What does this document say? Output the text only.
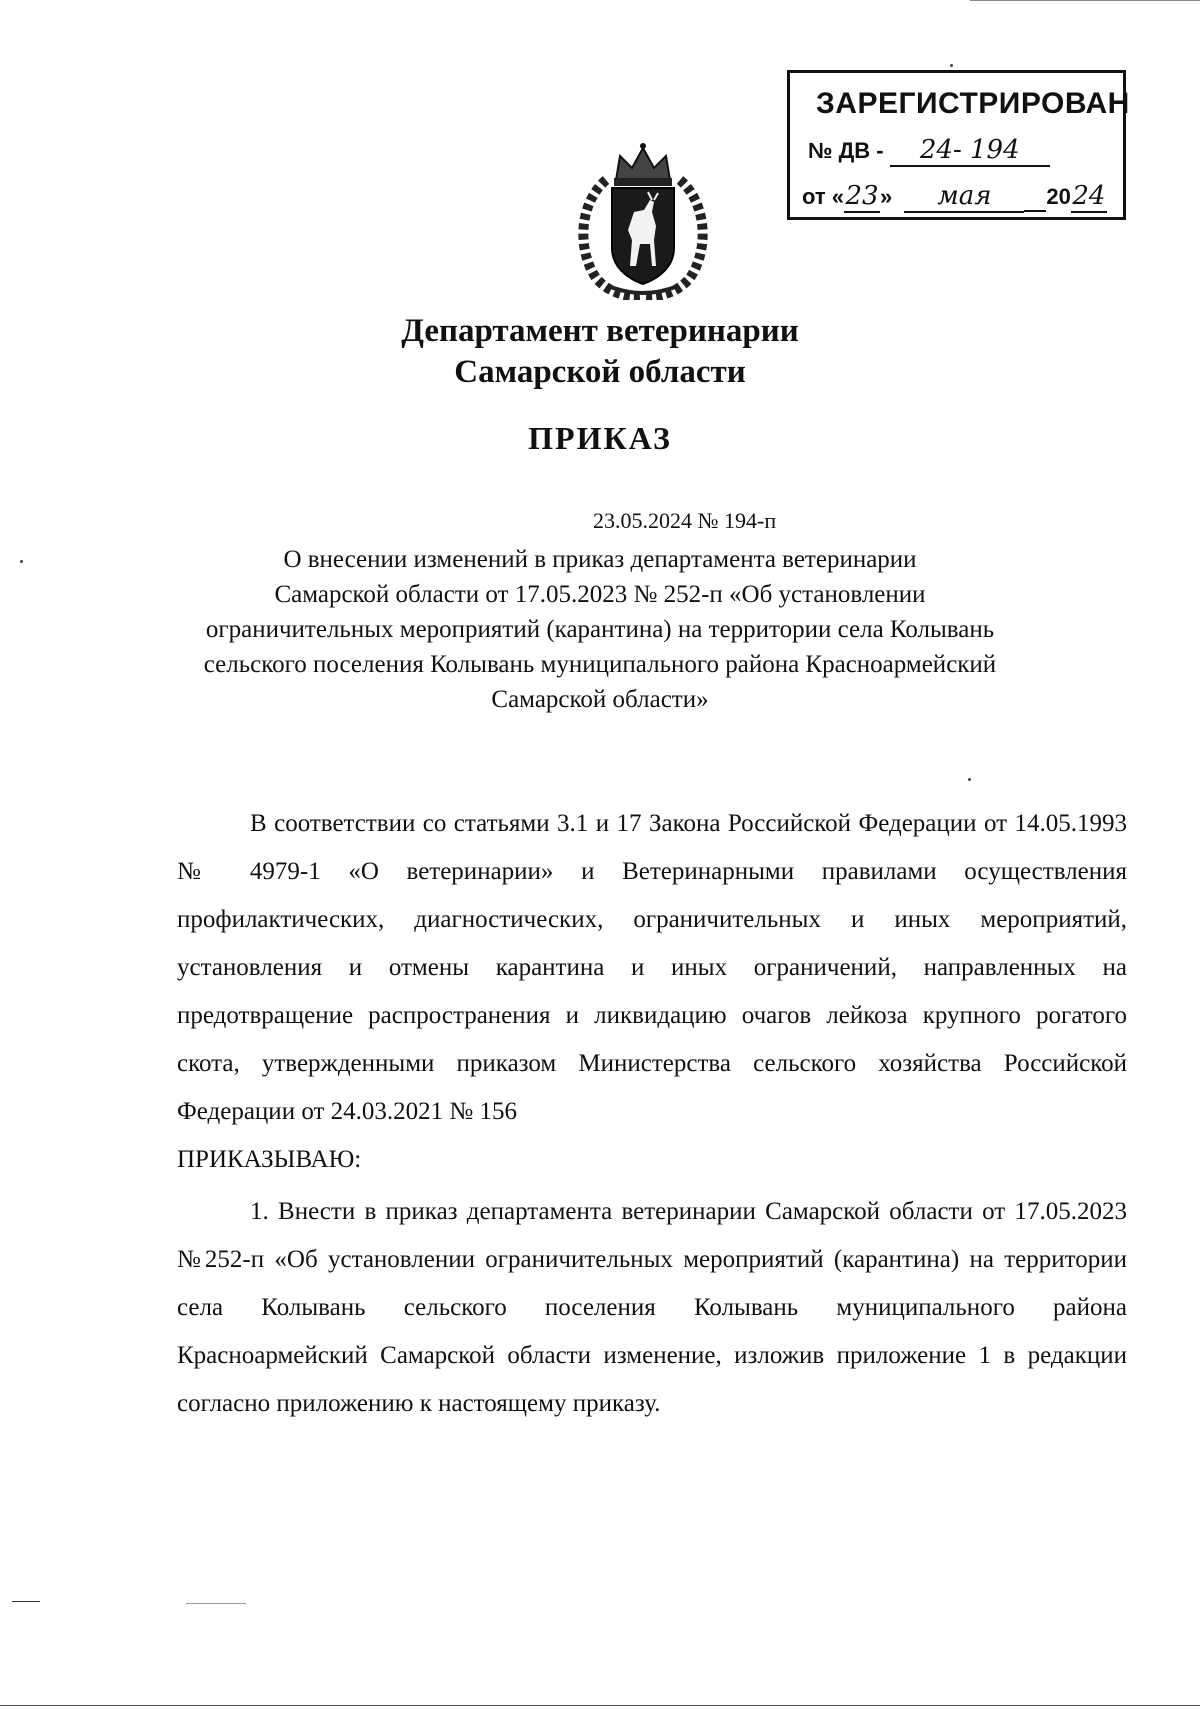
ЗАРЕГИСТРИРОВАН
№ ДВ - 24- 194
от «23» мая 2024
Департамент ветеринарии
Самарской области
ПРИКАЗ
23.05.2024 № 194-п
О внесении изменений в приказ департамента ветеринарии
Самарской области от 17.05.2023 № 252-п «Об установлении
ограничительных мероприятий (карантина) на территории села Колывань
сельского поселения Колывань муниципального района Красноармейский
Самарской области»

В соответствии со статьями 3.1 и 17 Закона Российской Федерации от 14.05.1993 № 4979-1 «О ветеринарии» и Ветеринарными правилами осуществления профилактических, диагностических, ограничительных и иных мероприятий, установления и отмены карантина и иных ограничений, направленных на предотвращение распространения и ликвидацию очагов лейкоза крупного рогатого скота, утвержденными приказом Министерства сельского хозяйства Российской Федерации от 24.03.2021 № 156
ПРИКАЗЫВАЮ:

1. Внести в приказ департамента ветеринарии Самарской области от 17.05.2023 №252-п «Об установлении ограничительных мероприятий (карантина) на территории села Колывань сельского поселения Колывань муниципального района Красноармейский Самарской области изменение, изложив приложение 1 в редакции согласно приложению к настоящему приказу.
